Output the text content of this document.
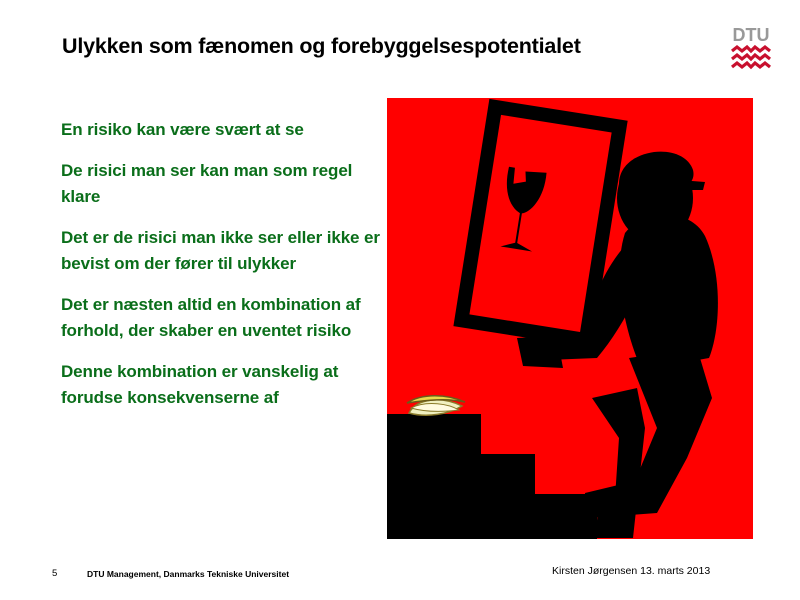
Ulykken som fænomen og forebyggelsespotentialet	DTU
En risiko kan være svært at se
De risici man ser kan man som regel klare
Det er de risici man ikke ser eller ikke er bevist om der fører til ulykker
Det er næsten altid en kombination af forhold, der skaber en uventet risiko
Denne kombination er vanskelig at forudse konsekvenserne af
5	DTU Management, Danmarks Tekniske Universitet	Kirsten Jørgensen 13. marts 2013
